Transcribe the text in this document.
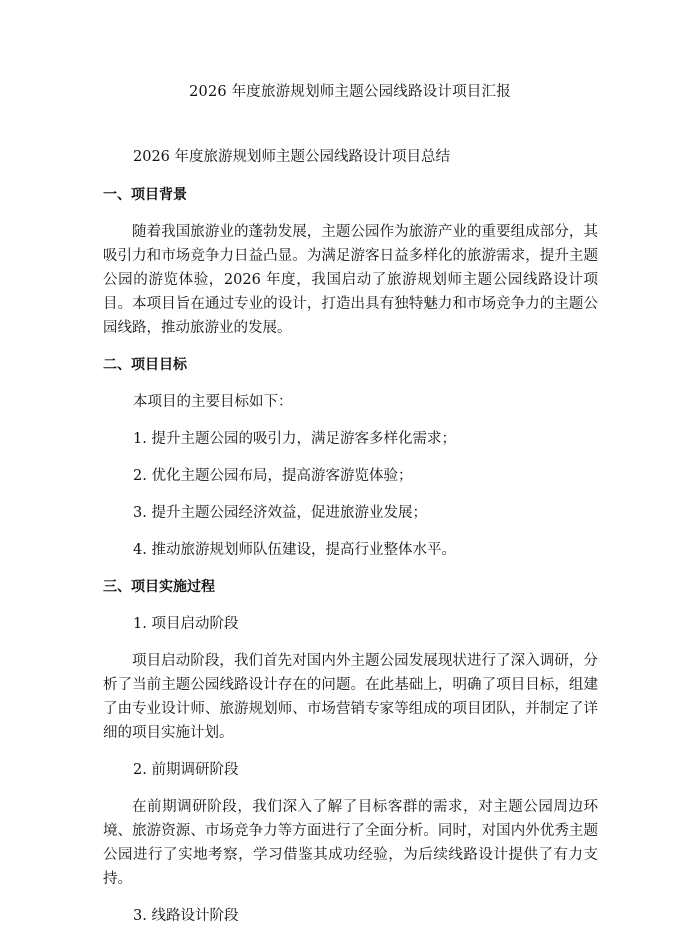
2026 年度旅游规划师主题公园线路设计项目汇报

2026 年度旅游规划师主题公园线路设计项目总结

一、项目背景

随着我国旅游业的蓬勃发展，主题公园作为旅游产业的重要组成部分，其吸引力和市场竞争力日益凸显。为满足游客日益多样化的旅游需求，提升主题公园的游览体验，2026 年度，我国启动了旅游规划师主题公园线路设计项目。本项目旨在通过专业的设计，打造出具有独特魅力和市场竞争力的主题公园线路，推动旅游业的发展。

二、项目目标

本项目的主要目标如下：

1. 提升主题公园的吸引力，满足游客多样化需求；

2. 优化主题公园布局，提高游客游览体验；

3. 提升主题公园经济效益，促进旅游业发展；

4. 推动旅游规划师队伍建设，提高行业整体水平。

三、项目实施过程

1. 项目启动阶段

项目启动阶段，我们首先对国内外主题公园发展现状进行了深入调研，分析了当前主题公园线路设计存在的问题。在此基础上，明确了项目目标，组建了由专业设计师、旅游规划师、市场营销专家等组成的项目团队，并制定了详细的项目实施计划。

2. 前期调研阶段

在前期调研阶段，我们深入了解了目标客群的需求，对主题公园周边环境、旅游资源、市场竞争力等方面进行了全面分析。同时，对国内外优秀主题公园进行了实地考察，学习借鉴其成功经验，为后续线路设计提供了有力支持。

3. 线路设计阶段
